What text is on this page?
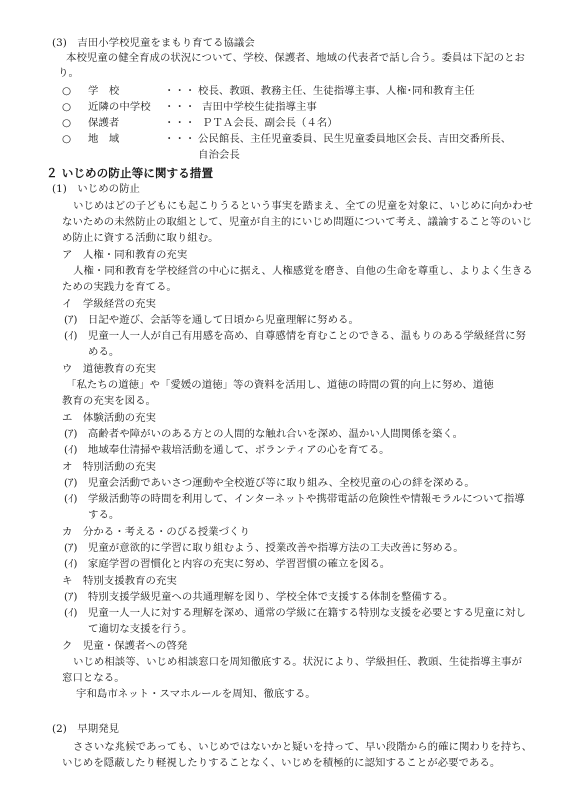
(3)　吉田小学校児童をまもり育てる協議会
本校児童の健全育成の状況について、学校、保護者、地域の代表者で話し合う。委員は下記のとお
り。
○ 学　校	・・・ 校長、教頭、教務主任、生徒指導主事、人権･同和教育主任
○ 近隣の中学校 ・・・ 吉田中学校生徒指導主事
○ 保護者	・・・ ＰＴＡ会長、副会長（４名）
○ 地　域	・・・ 公民館長、主任児童委員、民生児童委員地区会長、吉田交番所長、
自治会長
２ いじめの防止等に関する措置
(1)　いじめの防止
いじめはどの子どもにも起こりうるという事実を踏まえ、全ての児童を対象に、いじめに向かわせ
ないための未然防止の取組として、児童が自主的にいじめ問題について考え、議論すること等のいじ
め防止に資する活動に取り組む。
ア　人権・同和教育の充実
人権・同和教育を学校経営の中心に据え、人権感覚を磨き、自他の生命を尊重し、よりよく生きる
ための実践力を育てる。
イ　学級経営の充実
(ｱ)　日記や遊び、会話等を通して日頃から児童理解に努める。
(ｲ)　児童一人一人が自己有用感を高め、自尊感情を育むことのできる、温もりのある学級経営に努
める。
ウ　道徳教育の充実
「私たちの道徳」や「愛媛の道徳」等の資料を活用し、道徳の時間の質的向上に努め、道徳
教育の充実を図る。
エ　体験活動の充実
(ｱ)　高齢者や障がいのある方との人間的な触れ合いを深め、温かい人間関係を築く。
(ｲ)　地域奉仕清掃や栽培活動を通して、ボランティアの心を育てる。
オ　特別活動の充実
(ｱ)　児童会活動であいさつ運動や全校遊び等に取り組み、全校児童の心の絆を深める。
(ｲ)　学級活動等の時間を利用して、インターネットや携帯電話の危険性や情報モラルについて指導
する。
カ　分かる・考える・のびる授業づくり
(ｱ)　児童が意欲的に学習に取り組むよう、授業改善や指導方法の工夫改善に努める。
(ｲ)　家庭学習の習慣化と内容の充実に努め、学習習慣の確立を図る。
キ　特別支援教育の充実
(ｱ)　特別支援学級児童への共通理解を図り、学校全体で支援する体制を整備する。
(ｲ)　児童一人一人に対する理解を深め、通常の学級に在籍する特別な支援を必要とする児童に対し
て適切な支援を行う。
ク　児童・保護者への啓発
いじめ相談等、いじめ相談窓口を周知徹底する。状況により、学級担任、教頭、生徒指導主事が
窓口となる。
宇和島市ネット・スマホルールを周知、徹底する。
(2)　早期発見
ささいな兆候であっても、いじめではないかと疑いを持って、早い段階から的確に関わりを持ち、
いじめを隠蔽したり軽視したりすることなく、いじめを積極的に認知することが必要である。
